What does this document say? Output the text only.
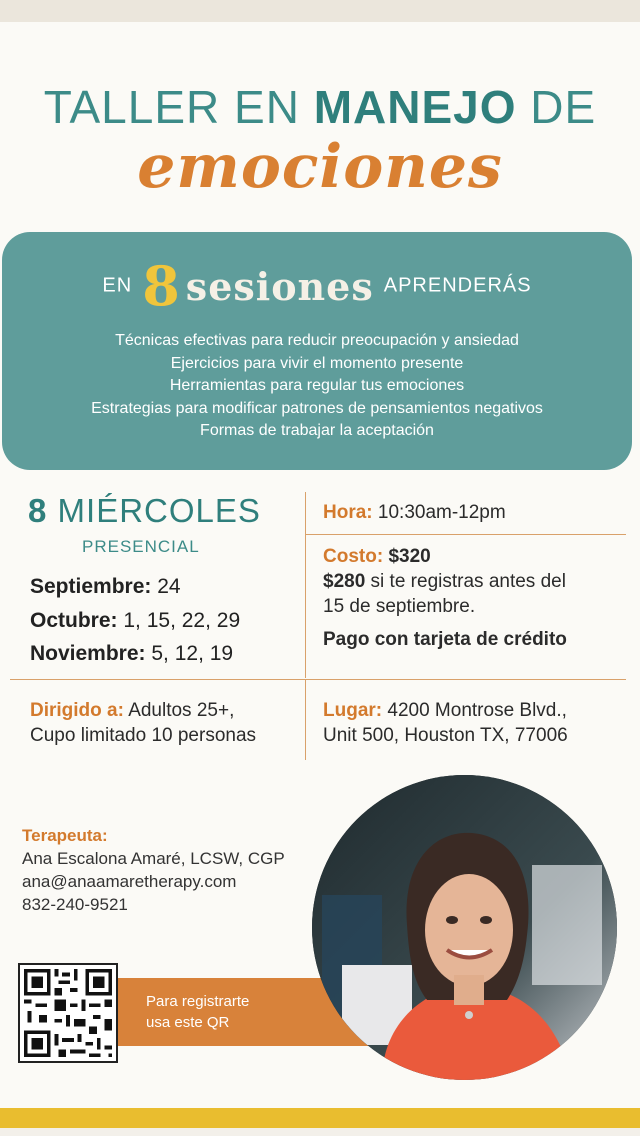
TALLER EN MANEJO DE
emociones
EN 8 sesiones APRENDERÁS
Técnicas efectivas para reducir preocupación y ansiedad
Ejercicios para vivir el momento presente
Herramientas para regular tus emociones
Estrategias para modificar patrones de pensamientos negativos
Formas de trabajar la aceptación
8 MIÉRCOLES
PRESENCIAL
Septiembre: 24
Octubre: 1, 15, 22, 29
Noviembre: 5, 12, 19
Hora: 10:30am-12pm
Costo: $320
$280 si te registras antes del
15 de septiembre.
Pago con tarjeta de crédito
Dirigido a: Adultos 25+,
Cupo limitado 10 personas
Lugar: 4200 Montrose Blvd.,
Unit 500, Houston TX, 77006
Terapeuta:
Ana Escalona Amaré, LCSW, CGP
ana@anaamaretherapy.com
832-240-9521
Para registrarte
usa este QR
